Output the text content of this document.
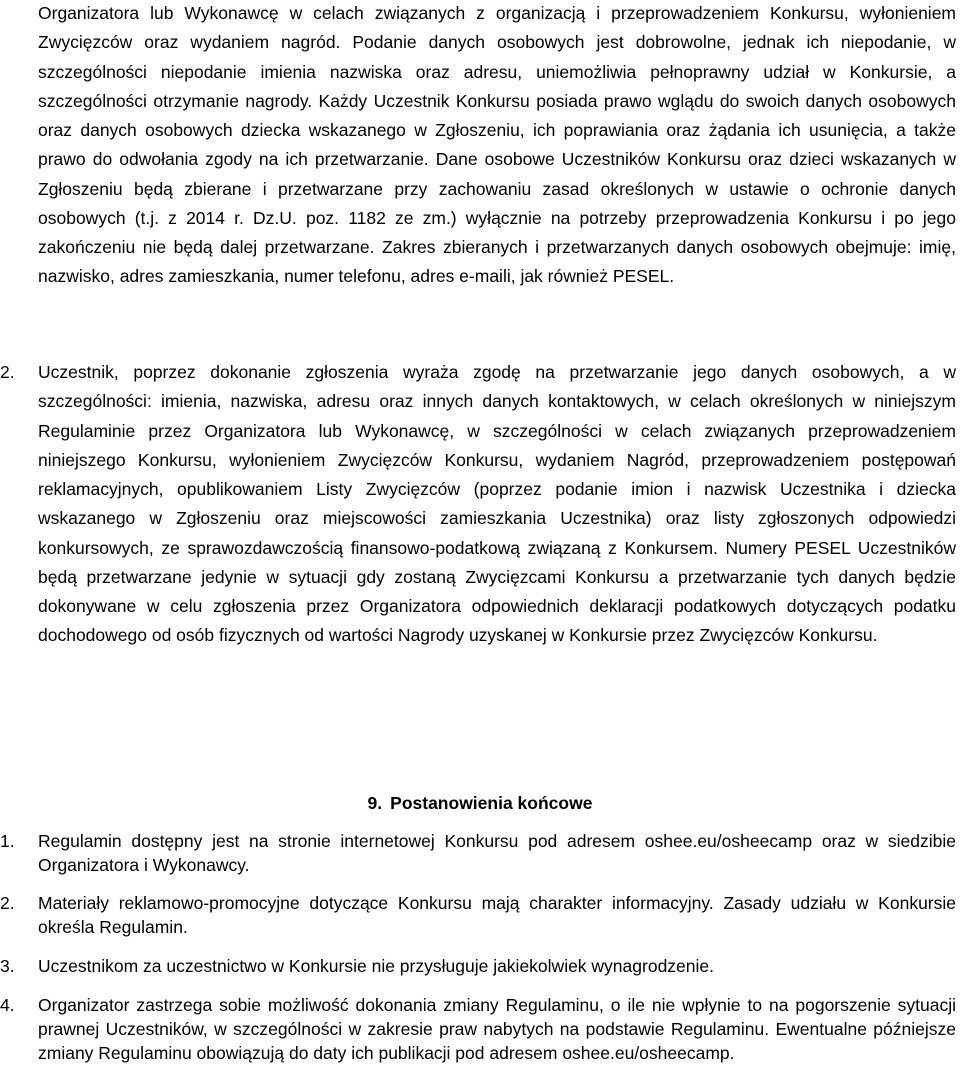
Organizatora lub Wykonawcę w celach związanych z organizacją i przeprowadzeniem Konkursu, wyłonieniem Zwycięzców oraz wydaniem nagród. Podanie danych osobowych jest dobrowolne, jednak ich niepodanie, w szczególności niepodanie imienia nazwiska oraz adresu, uniemożliwia pełnoprawny udział w Konkursie, a szczególności otrzymanie nagrody. Każdy Uczestnik Konkursu posiada prawo wglądu do swoich danych osobowych oraz danych osobowych dziecka wskazanego w Zgłoszeniu, ich poprawiania oraz żądania ich usunięcia, a także prawo do odwołania zgody na ich przetwarzanie. Dane osobowe Uczestników Konkursu oraz dzieci wskazanych w Zgłoszeniu będą zbierane i przetwarzane przy zachowaniu zasad określonych w ustawie o ochronie danych osobowych (t.j. z 2014 r. Dz.U. poz. 1182 ze zm.) wyłącznie na potrzeby przeprowadzenia Konkursu i po jego zakończeniu nie będą dalej przetwarzane. Zakres zbieranych i przetwarzanych danych osobowych obejmuje: imię, nazwisko, adres zamieszkania, numer telefonu, adres e-maili, jak również PESEL.
2. Uczestnik, poprzez dokonanie zgłoszenia wyraża zgodę na przetwarzanie jego danych osobowych, a w szczególności: imienia, nazwiska, adresu oraz innych danych kontaktowych, w celach określonych w niniejszym Regulaminie przez Organizatora lub Wykonawcę, w szczególności w celach związanych przeprowadzeniem niniejszego Konkursu, wyłonieniem Zwycięzców Konkursu, wydaniem Nagród, przeprowadzeniem postępowań reklamacyjnych, opublikowaniem Listy Zwycięzców (poprzez podanie imion i nazwisk Uczestnika i dziecka wskazanego w Zgłoszeniu oraz miejscowości zamieszkania Uczestnika) oraz listy zgłoszonych odpowiedzi konkursowych, ze sprawozdawczością finansowo-podatkową związaną z Konkursem. Numery PESEL Uczestników będą przetwarzane jedynie w sytuacji gdy zostaną Zwycięzcami Konkursu a przetwarzanie tych danych będzie dokonywane w celu zgłoszenia przez Organizatora odpowiednich deklaracji podatkowych dotyczących podatku dochodowego od osób fizycznych od wartości Nagrody uzyskanej w Konkursie przez Zwycięzców Konkursu.
9. Postanowienia końcowe
1. Regulamin dostępny jest na stronie internetowej Konkursu pod adresem oshee.eu/osheecamp oraz w siedzibie Organizatora i Wykonawcy.
2. Materiały reklamowo-promocyjne dotyczące Konkursu mają charakter informacyjny. Zasady udziału w Konkursie określa Regulamin.
3. Uczestnikom za uczestnictwo w Konkursie nie przysługuje jakiekolwiek wynagrodzenie.
4. Organizator zastrzega sobie możliwość dokonania zmiany Regulaminu, o ile nie wpłynie to na pogorszenie sytuacji prawnej Uczestników, w szczególności w zakresie praw nabytych na podstawie Regulaminu. Ewentualne późniejsze zmiany Regulaminu obowiązują do daty ich publikacji pod adresem oshee.eu/osheecamp.
